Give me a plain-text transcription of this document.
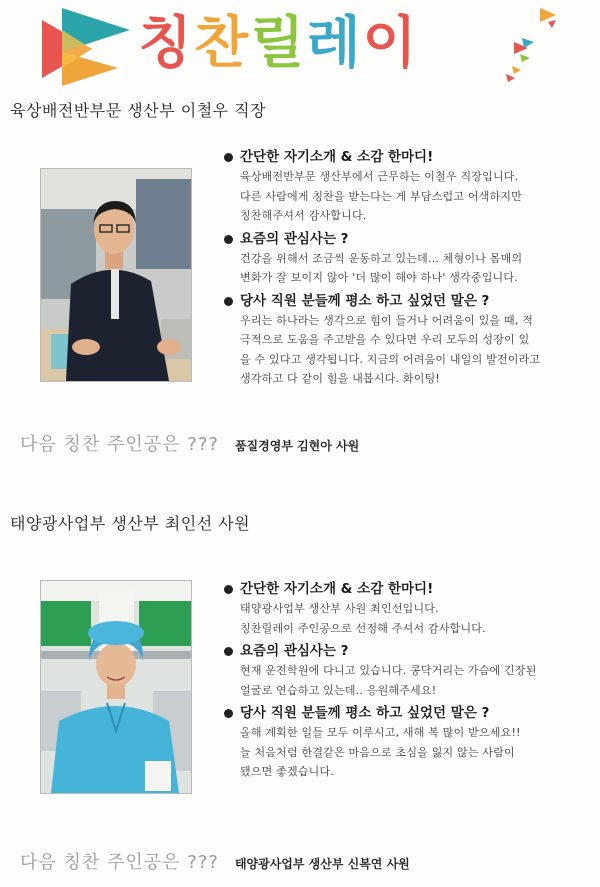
칭찬릴레이
육상배전반부문 생산부 이철우 직장
간단한 자기소개 & 소감 한마디!
육상배전반부문 생산부에서 근무하는 이철우 직장입니다.
다른 사람에게 칭찬을 받는다는 게 부담스럽고 어색하지만
칭찬해주셔서 감사합니다.
요즘의 관심사는 ?
건강을 위해서 조금씩 운동하고 있는데... 체형이나 몸매의
변화가 잘 보이지 않아 '더 많이 해야 하나' 생각중입니다.
당사 직원 분들께 평소 하고 싶었던 말은 ?
우리는 하나라는 생각으로 힘이 들거나 어려움이 있을 때, 적
극적으로 도움을 주고받을 수 있다면 우리 모두의 성장이 있
을 수 있다고 생각됩니다. 지금의 어려움이 내일의 발전이라고
생각하고 다 같이 힘을 내봅시다. 화이팅!
다음 칭찬 주인공은 ??? 품질경영부 김현아 사원
태양광사업부 생산부 최인선 사원
간단한 자기소개 & 소감 한마디!
태양광사업부 생산부 사원 최인선입니다.
칭찬릴레이 주인공으로 선정해 주셔서 감사합니다.
요즘의 관심사는 ?
현재 운전학원에 다니고 있습니다. 콩닥거리는 가슴에 긴장된
얼굴로 연습하고 있는데.. 응원해주세요!
당사 직원 분들께 평소 하고 싶었던 말은 ?
올해 계획한 일들 모두 이루시고, 새해 복 많이 받으세요!!
늘 처음처럼 한결같은 마음으로 초심을 잃지 않는 사람이
됐으면 좋겠습니다.
다음 칭찬 주인공은 ??? 태양광사업부 생산부 신복연 사원
